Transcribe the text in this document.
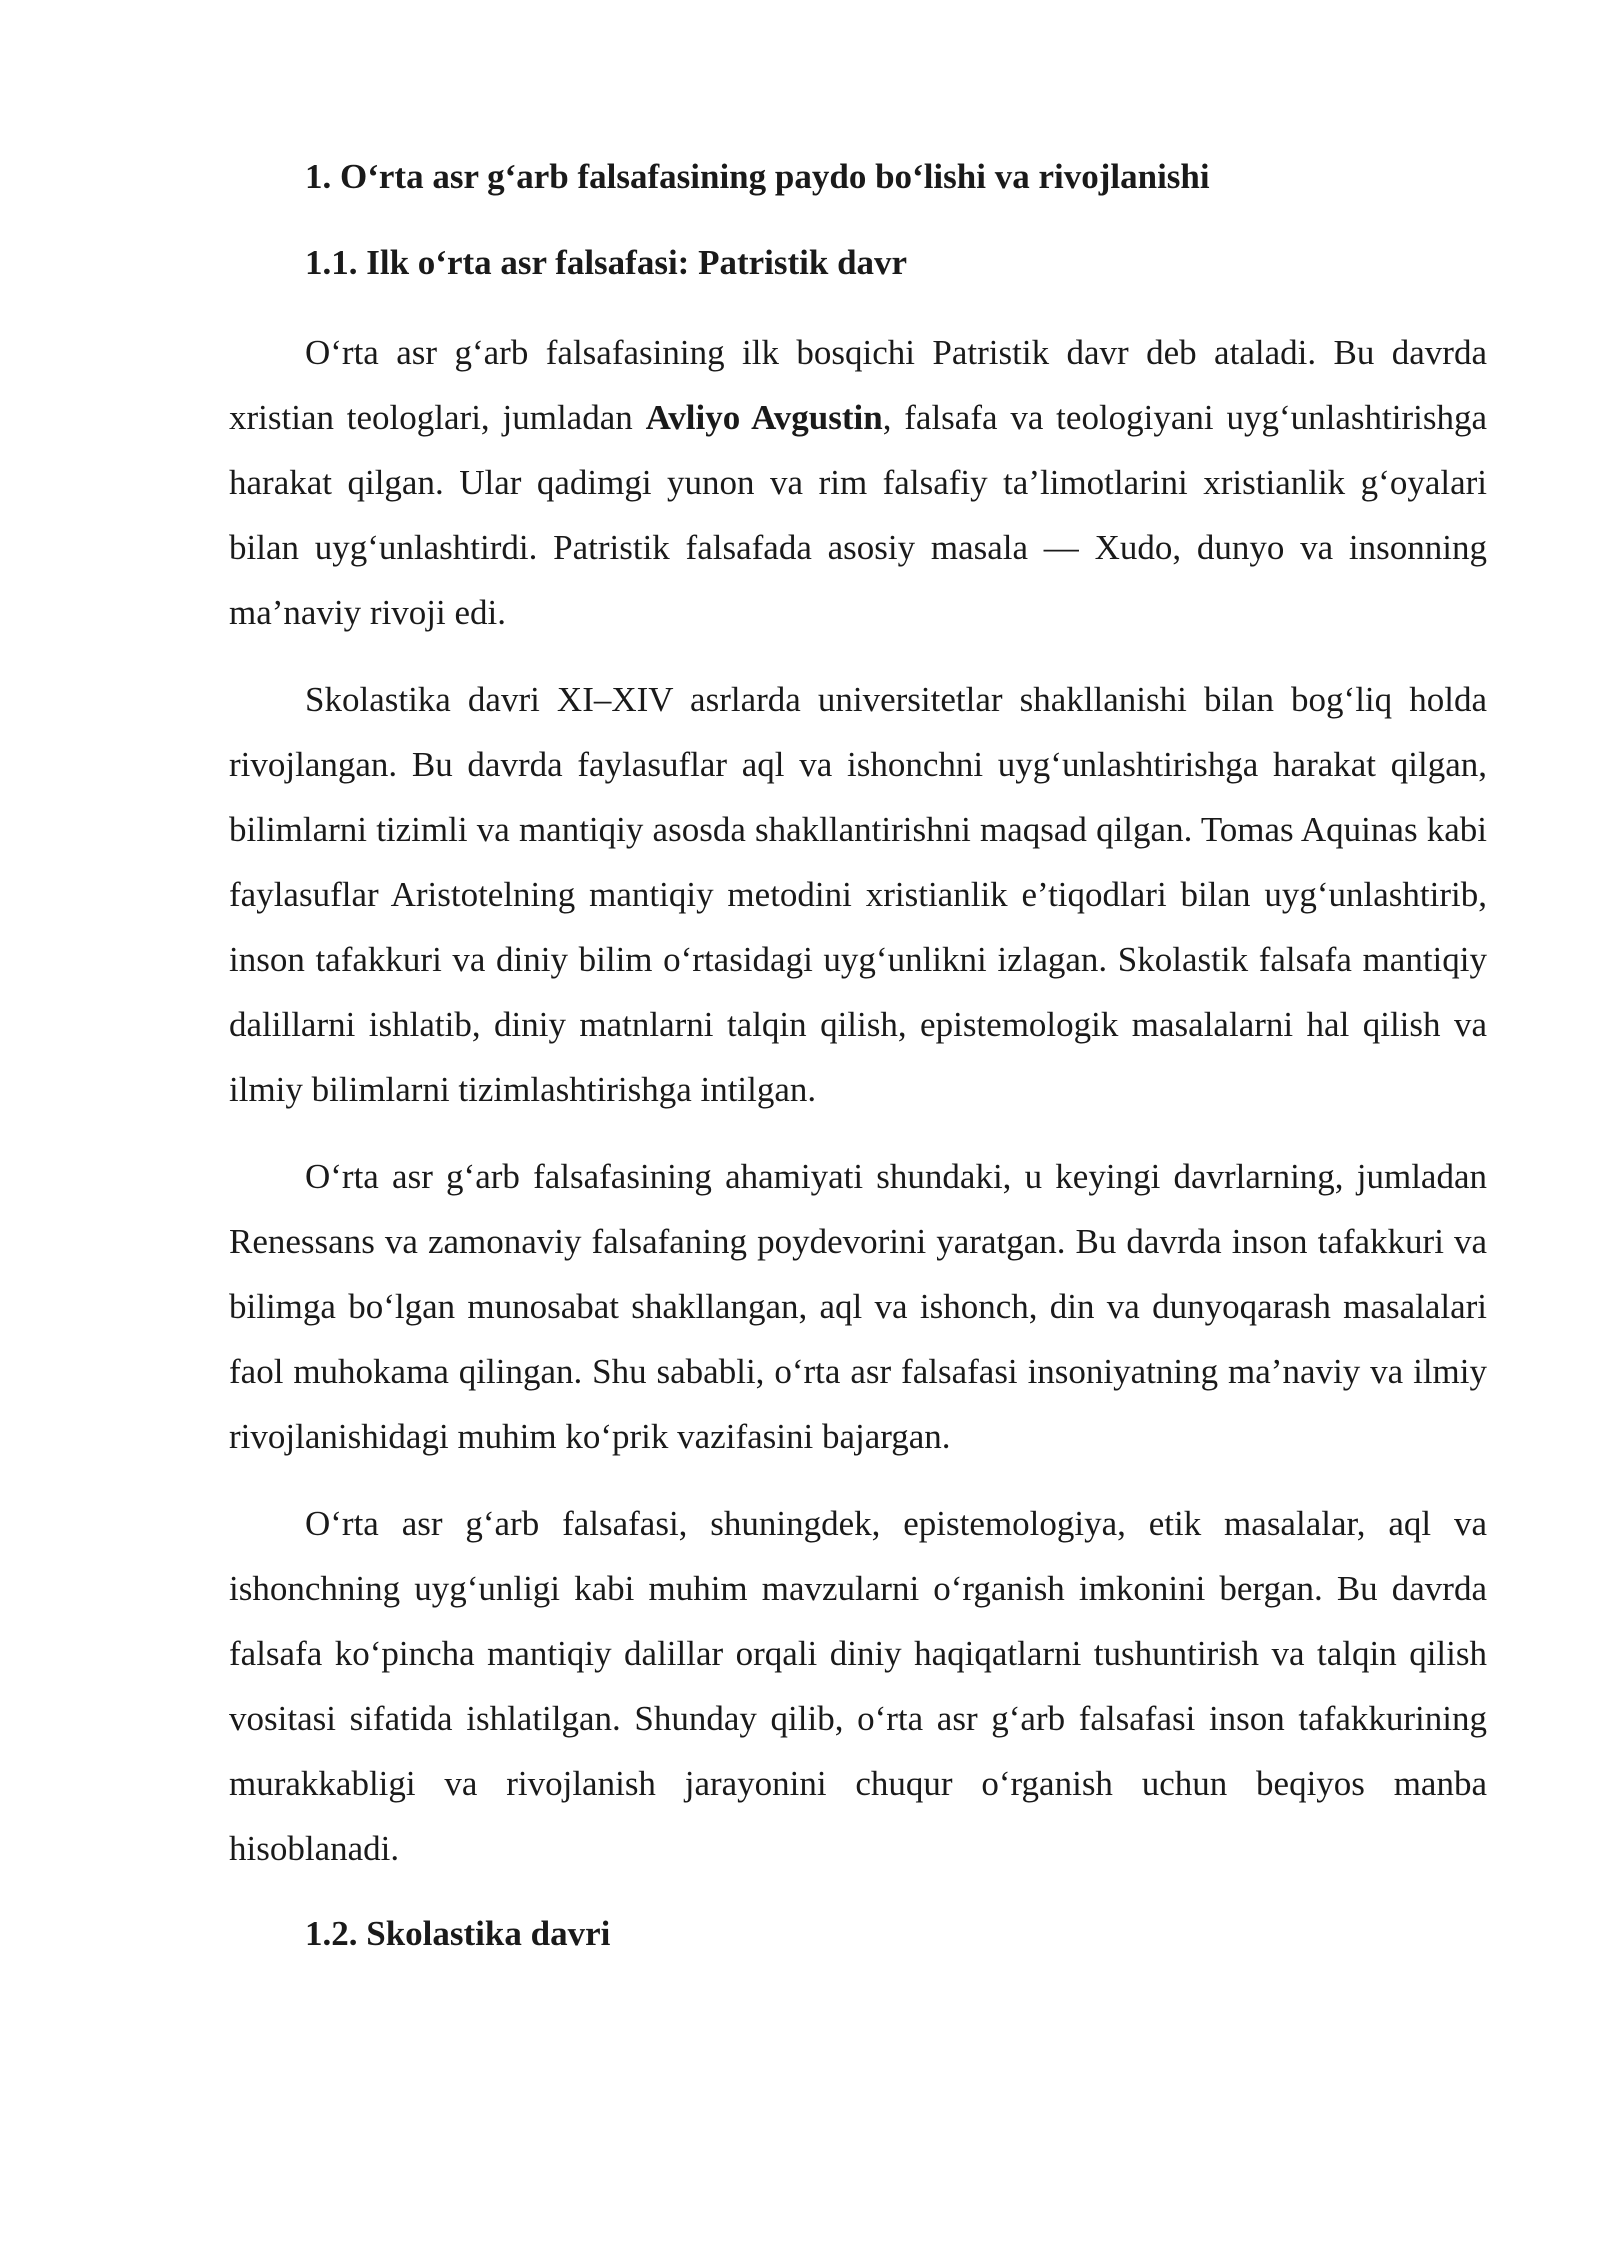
1. O‘rta asr g‘arb falsafasining paydo bo‘lishi va rivojlanishi

1.1. Ilk o‘rta asr falsafasi: Patristik davr

O‘rta asr g‘arb falsafasining ilk bosqichi Patristik davr deb ataladi. Bu davrda xristian teologlari, jumladan Avliyo Avgustin, falsafa va teologiyani uyg‘unlashtirishga harakat qilgan. Ular qadimgi yunon va rim falsafiy ta’limotlarini xristianlik g‘oyalari bilan uyg‘unlashtirdi. Patristik falsafada asosiy masala — Xudo, dunyo va insonning ma’naviy rivoji edi.

Skolastika davri XI–XIV asrlarda universitetlar shakllanishi bilan bog‘liq holda rivojlangan. Bu davrda faylasuflar aql va ishonchni uyg‘unlashtirishga harakat qilgan, bilimlarni tizimli va mantiqiy asosda shakllantirishni maqsad qilgan. Tomas Aquinas kabi faylasuflar Aristotelning mantiqiy metodini xristianlik e’tiqodlari bilan uyg‘unlashtirib, inson tafakkuri va diniy bilim o‘rtasidagi uyg‘unlikni izlagan. Skolastik falsafa mantiqiy dalillarni ishlatib, diniy matnlarni talqin qilish, epistemologik masalalarni hal qilish va ilmiy bilimlarni tizimlashtirishga intilgan.

O‘rta asr g‘arb falsafasining ahamiyati shundaki, u keyingi davrlarning, jumladan Renessans va zamonaviy falsafaning poydevorini yaratgan. Bu davrda inson tafakkuri va bilimga bo‘lgan munosabat shakllangan, aql va ishonch, din va dunyoqarash masalalari faol muhokama qilingan. Shu sababli, o‘rta asr falsafasi insoniyatning ma’naviy va ilmiy rivojlanishidagi muhim ko‘prik vazifasini bajargan.

O‘rta asr g‘arb falsafasi, shuningdek, epistemologiya, etik masalalar, aql va ishonchning uyg‘unligi kabi muhim mavzularni o‘rganish imkonini bergan. Bu davrda falsafa ko‘pincha mantiqiy dalillar orqali diniy haqiqatlarni tushuntirish va talqin qilish vositasi sifatida ishlatilgan. Shunday qilib, o‘rta asr g‘arb falsafasi inson tafakkurining murakkabligi va rivojlanish jarayonini chuqur o‘rganish uchun beqiyos manba hisoblanadi.

1.2. Skolastika davri
